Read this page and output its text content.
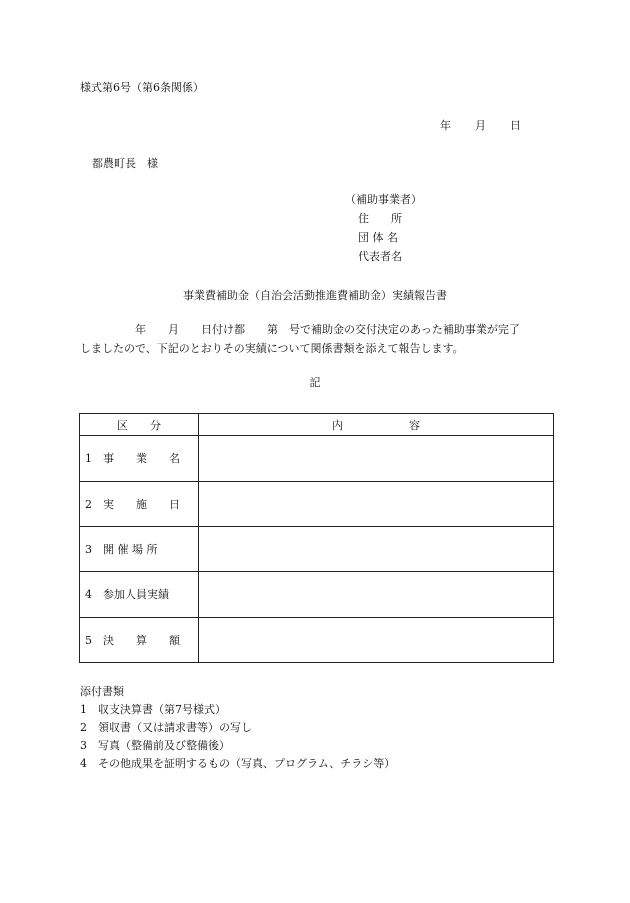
様式第6号（第6条関係）
年 月 日
都農町長　様
（補助事業者）
住　　所
団 体 名
代表者名
事業費補助金（自治会活動推進費補助金）実績報告書
　　　　　年　　月　　日付け都　　第　号で補助金の交付決定のあった補助事業が完了
しましたので、下記のとおりその実績について関係書類を添えて報告します。
記
区　　分	内　　　　　　容
1　事　　業　　名	
2　実　　施　　日	
3　開 催 場 所	
4　参加人員実績	
5　決　　算　　額	
添付書類
1　収支決算書（第7号様式）
2　領収書（又は請求書等）の写し
3　写真（整備前及び整備後）
4　その他成果を証明するもの（写真、プログラム、チラシ等）
